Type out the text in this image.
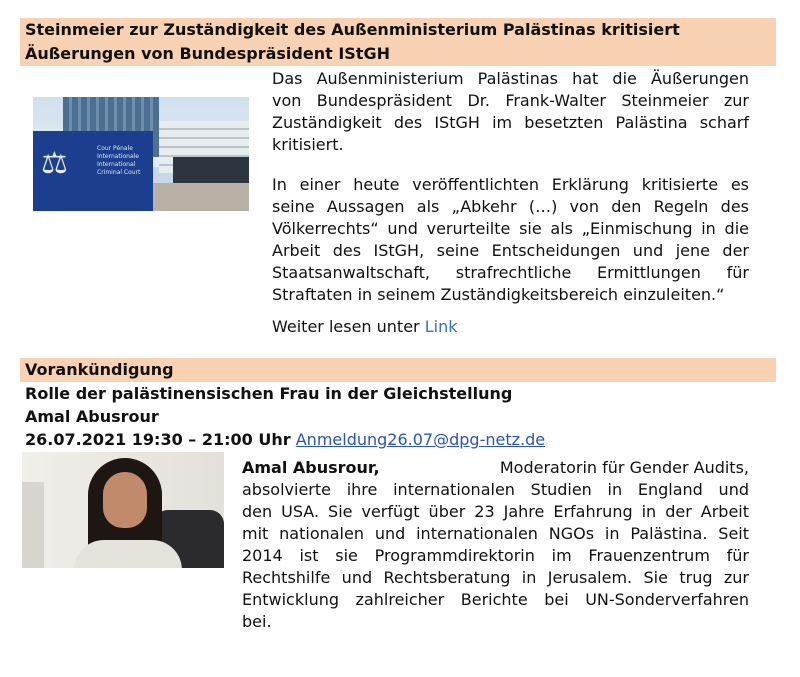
Steinmeier zur Zuständigkeit des Außenministerium Palästinas kritisiert
Äußerungen von Bundespräsident IStGH
⚖	Cour Pénale Internationale International Criminal Court
Das Außenministerium Palästinas hat die Äußerungen
von Bundespräsident Dr. Frank-Walter Steinmeier zur
Zuständigkeit des IStGH im besetzten Palästina scharf
kritisiert.
In einer heute veröffentlichten Erklärung kritisierte es
seine Aussagen als „Abkehr (…) von den Regeln des
Völkerrechts“ und verurteilte sie als „Einmischung in die
Arbeit des IStGH, seine Entscheidungen und jene der
Staatsanwaltschaft, strafrechtliche Ermittlungen für
Straftaten in seinem Zuständigkeitsbereich einzuleiten.“
Weiter lesen unter Link
Vorankündigung
Rolle der palästinensischen Frau in der Gleichstellung
Amal Abusrour
26.07.2021 19:30 – 21:00 Uhr Anmeldung26.07@dpg-netz.de
Amal Abusrour,	Moderatorin für Gender Audits,
absolvierte ihre internationalen Studien in England und
den USA. Sie verfügt über 23 Jahre Erfahrung in der Arbeit
mit nationalen und internationalen NGOs in Palästina. Seit
2014 ist sie Programmdirektorin im Frauenzentrum für
Rechtshilfe und Rechtsberatung in Jerusalem. Sie trug zur
Entwicklung zahlreicher Berichte bei UN-Sonderverfahren
bei.
